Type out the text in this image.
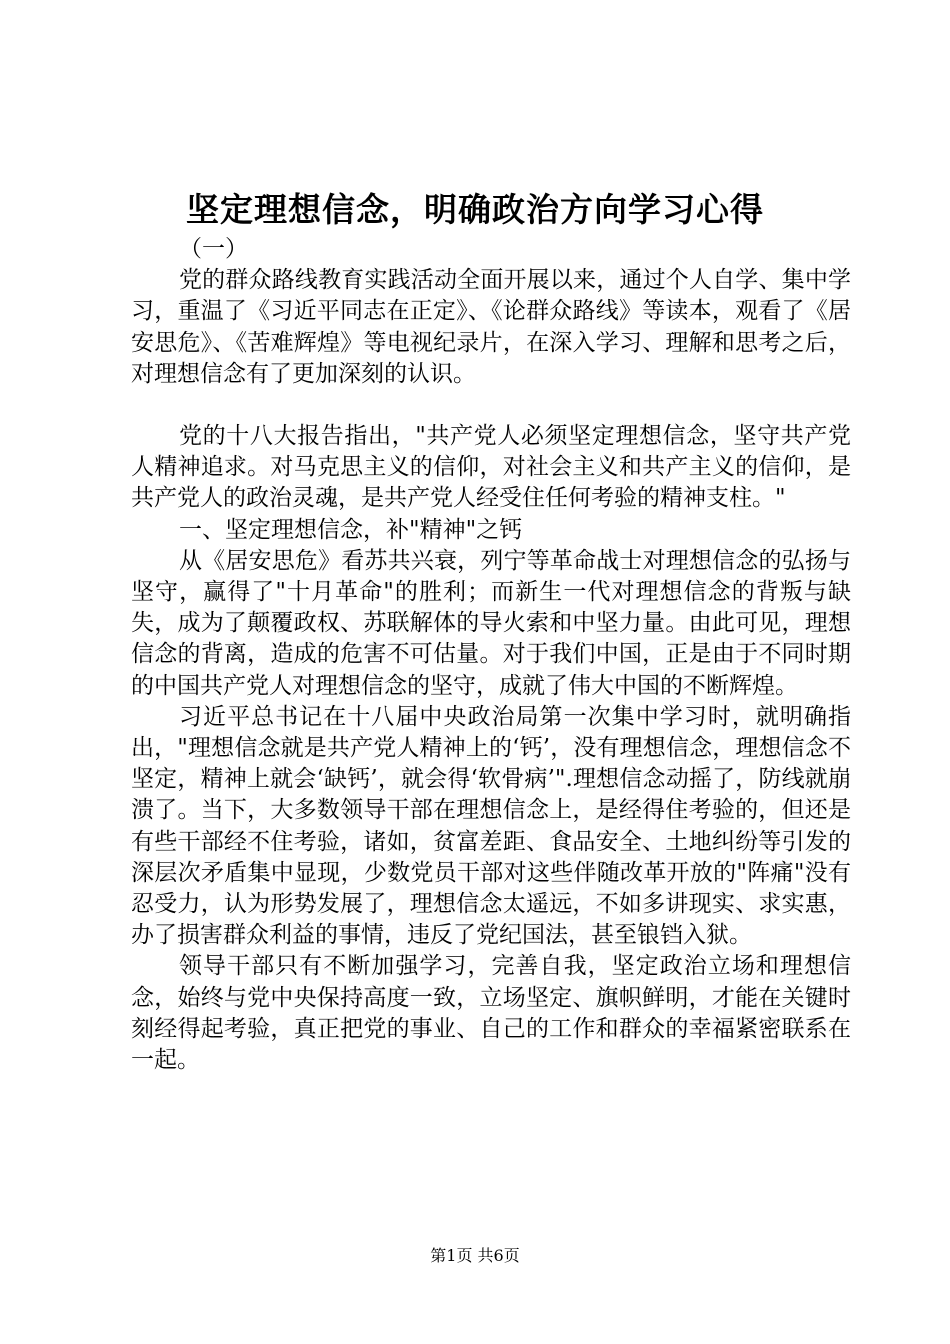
坚定理想信念，明确政治方向学习心得

（一）

党的群众路线教育实践活动全面开展以来，通过个人自学、集中学习，重温了《习近平同志在正定》、《论群众路线》等读本，观看了《居安思危》、《苦难辉煌》等电视纪录片，在深入学习、理解和思考之后，对理想信念有了更加深刻的认识。

党的十八大报告指出，"共产党人必须坚定理想信念，坚守共产党人精神追求。对马克思主义的信仰，对社会主义和共产主义的信仰，是共产党人的政治灵魂，是共产党人经受住任何考验的精神支柱。"

一、坚定理想信念，补"精神"之钙

从《居安思危》看苏共兴衰，列宁等革命战士对理想信念的弘扬与坚守，赢得了"十月革命"的胜利；而新生一代对理想信念的背叛与缺失，成为了颠覆政权、苏联解体的导火索和中坚力量。由此可见，理想信念的背离，造成的危害不可估量。对于我们中国，正是由于不同时期的中国共产党人对理想信念的坚守，成就了伟大中国的不断辉煌。

习近平总书记在十八届中央政治局第一次集中学习时，就明确指出，"理想信念就是共产党人精神上的‘钙’，没有理想信念，理想信念不坚定，精神上就会‘缺钙’，就会得‘软骨病’".理想信念动摇了，防线就崩溃了。当下，大多数领导干部在理想信念上，是经得住考验的，但还是有些干部经不住考验，诸如，贫富差距、食品安全、土地纠纷等引发的深层次矛盾集中显现，少数党员干部对这些伴随改革开放的"阵痛"没有忍受力，认为形势发展了，理想信念太遥远，不如多讲现实、求实惠，办了损害群众利益的事情，违反了党纪国法，甚至锒铛入狱。

领导干部只有不断加强学习，完善自我，坚定政治立场和理想信念，始终与党中央保持高度一致，立场坚定、旗帜鲜明，才能在关键时刻经得起考验，真正把党的事业、自己的工作和群众的幸福紧密联系在一起。

第1页 共6页
